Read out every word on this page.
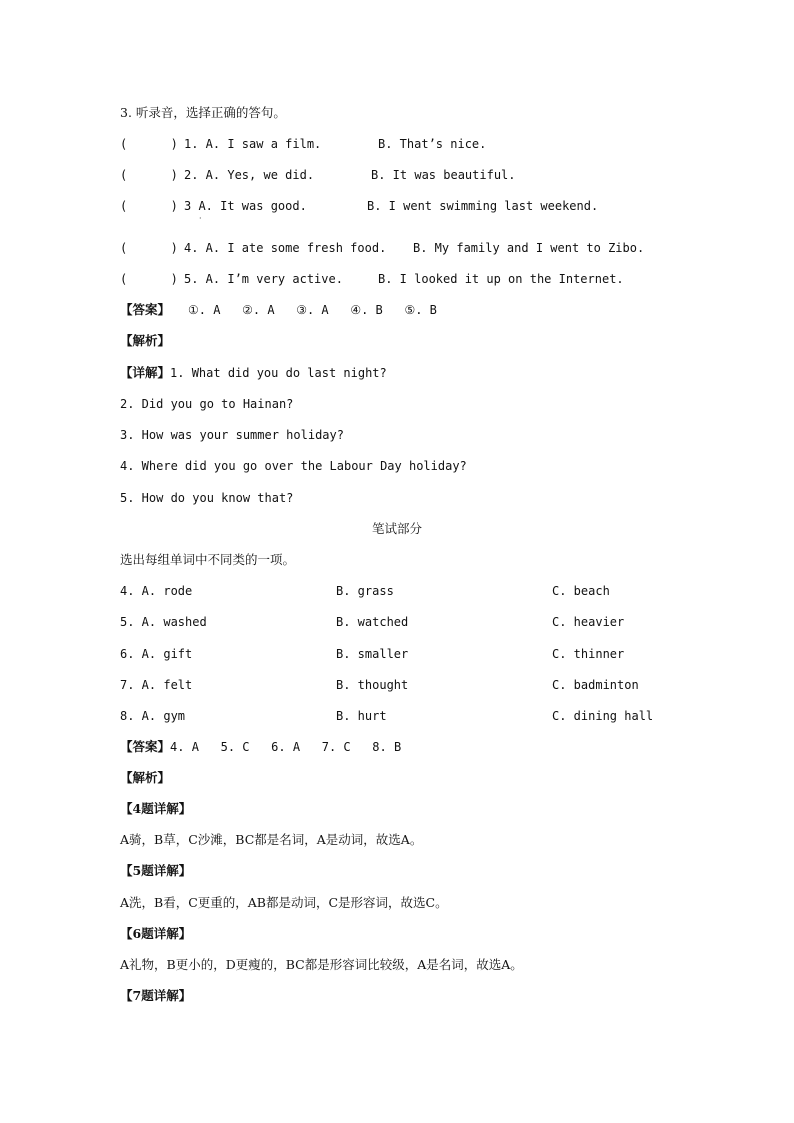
3. 听录音，选择正确的答句。
(      ) 1. A. I saw a film.	B. That’s nice.
(      ) 2. A. Yes, we did.	B. It was beautiful.
(      ) 3 A. It was good.	B. I went swimming last weekend.
·
(      ) 4. A. I ate some fresh food. B. My family and I went to Zibo.
(      ) 5. A. I’m very active.	B. I looked it up on the Internet.
【答案】 ①. A   ②. A   ③. A   ④. B   ⑤. B
【解析】
【详解】1. What did you do last night?
2. Did you go to Hainan?
3. How was your summer holiday?
4. Where did you go over the Labour Day holiday?
5. How do you know that?
笔试部分
选出每组单词中不同类的一项。
4. A. rode	B. grass	C. beach
5. A. washed	B. watched	C. heavier
6. A. gift	B. smaller	C. thinner
7. A. felt	B. thought	C. badminton
8. A. gym	B. hurt	C. dining hall
【答案】4. A   5. C   6. A   7. C   8. B
【解析】
【4题详解】
A骑，B草，C沙滩，BC都是名词，A是动词，故选A。
【5题详解】
A洗，B看，C更重的，AB都是动词，C是形容词，故选C。
【6题详解】
A礼物，B更小的，D更瘦的，BC都是形容词比较级，A是名词，故选A。
【7题详解】
